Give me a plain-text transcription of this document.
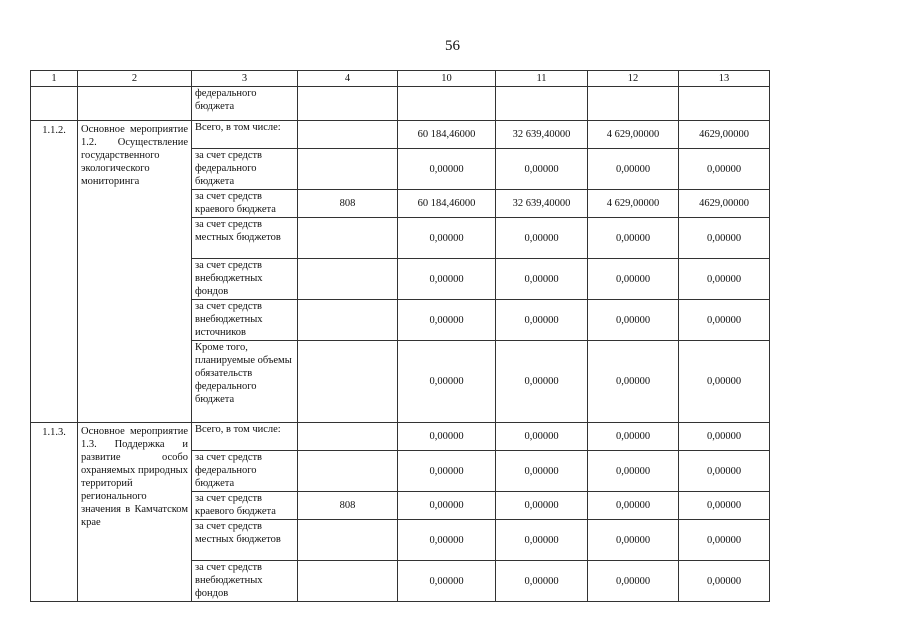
56
1	2	3	4	10	11	12	13
		федерального бюджета					
1.1.2.	Основное мероприятие 1.2. Осуществление государственного экологического мониторинга	Всего, в том числе:		60 184,46000	32 639,40000	4 629,00000	4629,00000
		за счет средств федерального бюджета		0,00000	0,00000	0,00000	0,00000
		за счет средств краевого бюджета	808	60 184,46000	32 639,40000	4 629,00000	4629,00000
		за счет средств местных бюджетов		0,00000	0,00000	0,00000	0,00000
		за счет средств внебюджетных фондов		0,00000	0,00000	0,00000	0,00000
		за счет средств внебюджетных источников		0,00000	0,00000	0,00000	0,00000
		Кроме того, планируемые объемы обязательств федерального бюджета		0,00000	0,00000	0,00000	0,00000
1.1.3.	Основное мероприятие 1.3. Поддержка и развитие особо охраняемых природных территорий регионального значения в Камчатском крае	Всего, в том числе:		0,00000	0,00000	0,00000	0,00000
		за счет средств федерального бюджета		0,00000	0,00000	0,00000	0,00000
		за счет средств краевого бюджета	808	0,00000	0,00000	0,00000	0,00000
		за счет средств местных бюджетов		0,00000	0,00000	0,00000	0,00000
		за счет средств внебюджетных фондов		0,00000	0,00000	0,00000	0,00000
